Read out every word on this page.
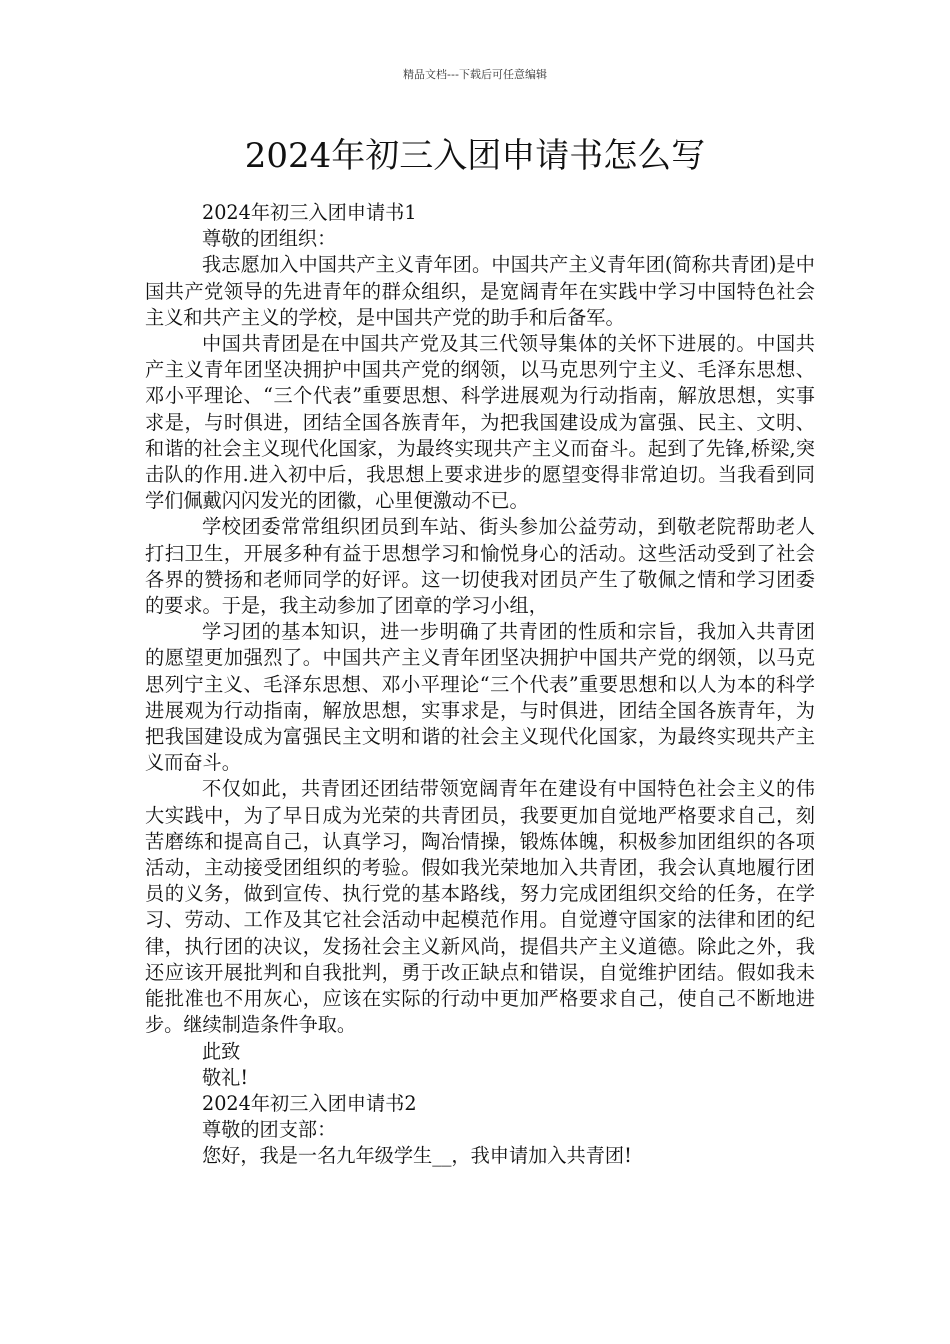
精品文档---下载后可任意编辑
2024年初三入团申请书怎么写

2024年初三入团申请书1

尊敬的团组织：

我志愿加入中国共产主义青年团。中国共产主义青年团(简称共青团)是中国共产党领导的先进青年的群众组织，是宽阔青年在实践中学习中国特色社会主义和共产主义的学校，是中国共产党的助手和后备军。

中国共青团是在中国共产党及其三代领导集体的关怀下进展的。中国共产主义青年团坚决拥护中国共产党的纲领，以马克思列宁主义、毛泽东思想、邓小平理论、“三个代表”重要思想、科学进展观为行动指南，解放思想，实事求是，与时俱进，团结全国各族青年，为把我国建设成为富强、民主、文明、和谐的社会主义现代化国家，为最终实现共产主义而奋斗。起到了先锋,桥梁,突击队的作用.进入初中后，我思想上要求进步的愿望变得非常迫切。当我看到同学们佩戴闪闪发光的团徽，心里便激动不已。

学校团委常常组织团员到车站、街头参加公益劳动，到敬老院帮助老人打扫卫生，开展多种有益于思想学习和愉悦身心的活动。这些活动受到了社会各界的赞扬和老师同学的好评。这一切使我对团员产生了敬佩之情和学习团委的要求。于是，我主动参加了团章的学习小组，

学习团的基本知识，进一步明确了共青团的性质和宗旨，我加入共青团的愿望更加强烈了。中国共产主义青年团坚决拥护中国共产党的纲领，以马克思列宁主义、毛泽东思想、邓小平理论“三个代表”重要思想和以人为本的科学进展观为行动指南，解放思想，实事求是，与时俱进，团结全国各族青年，为把我国建设成为富强民主文明和谐的社会主义现代化国家，为最终实现共产主义而奋斗。

不仅如此，共青团还团结带领宽阔青年在建设有中国特色社会主义的伟大实践中，为了早日成为光荣的共青团员，我要更加自觉地严格要求自己，刻苦磨练和提高自己，认真学习，陶冶情操，锻炼体魄，积极参加团组织的各项活动，主动接受团组织的考验。假如我光荣地加入共青团，我会认真地履行团员的义务，做到宣传、执行党的基本路线，努力完成团组织交给的任务，在学习、劳动、工作及其它社会活动中起模范作用。自觉遵守国家的法律和团的纪律，执行团的决议，发扬社会主义新风尚，提倡共产主义道德。除此之外，我还应该开展批判和自我批判，勇于改正缺点和错误，自觉维护团结。假如我未能批准也不用灰心，应该在实际的行动中更加严格要求自己，使自己不断地进步。继续制造条件争取。

此致

敬礼!

2024年初三入团申请书2

尊敬的团支部：

您好，我是一名九年级学生__，我申请加入共青团!
